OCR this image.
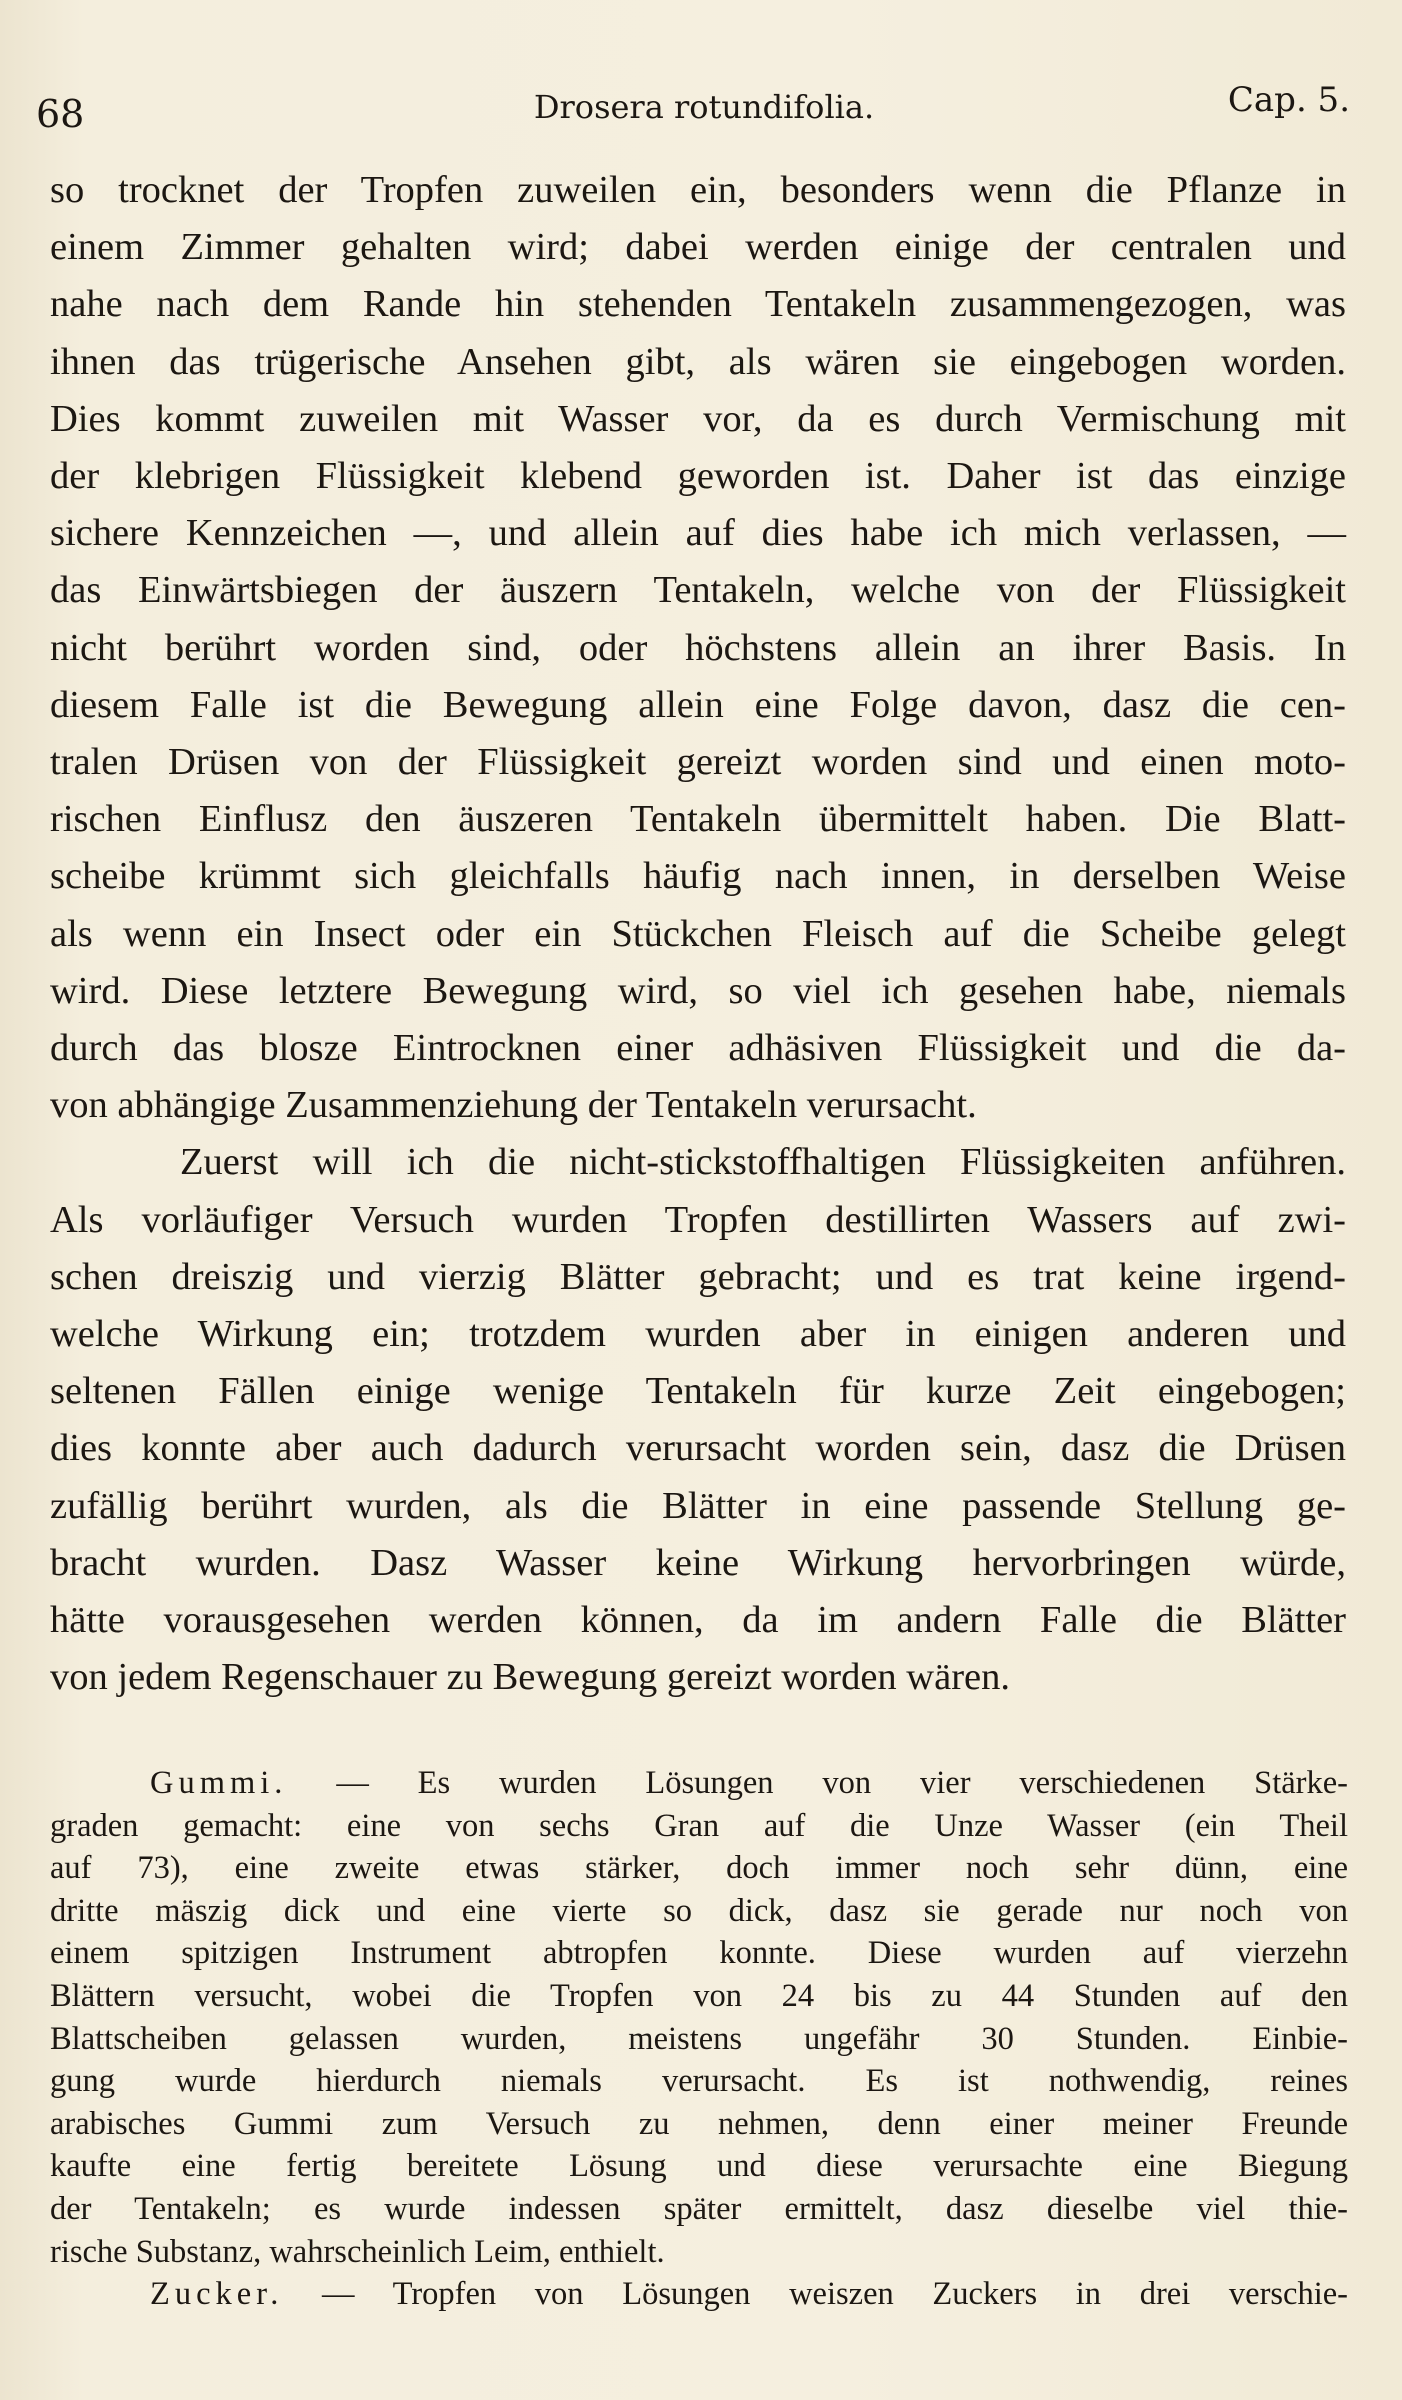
68	Drosera rotundifolia.	Cap. 5.
so trocknet der Tropfen zuweilen ein, besonders wenn die Pflanze in
einem Zimmer gehalten wird; dabei werden einige der centralen und
nahe nach dem Rande hin stehenden Tentakeln zusammengezogen, was
ihnen das trügerische Ansehen gibt, als wären sie eingebogen worden.
Dies kommt zuweilen mit Wasser vor, da es durch Vermischung mit
der klebrigen Flüssigkeit klebend geworden ist. Daher ist das einzige
sichere Kennzeichen —, und allein auf dies habe ich mich verlassen, —
das Einwärtsbiegen der äuszern Tentakeln, welche von der Flüssigkeit
nicht berührt worden sind, oder höchstens allein an ihrer Basis. In
diesem Falle ist die Bewegung allein eine Folge davon, dasz die cen-
tralen Drüsen von der Flüssigkeit gereizt worden sind und einen moto-
rischen Einflusz den äuszeren Tentakeln übermittelt haben. Die Blatt-
scheibe krümmt sich gleichfalls häufig nach innen, in derselben Weise
als wenn ein Insect oder ein Stückchen Fleisch auf die Scheibe gelegt
wird. Diese letztere Bewegung wird, so viel ich gesehen habe, niemals
durch das blosze Eintrocknen einer adhäsiven Flüssigkeit und die da-
von abhängige Zusammenziehung der Tentakeln verursacht.
Zuerst will ich die nicht-stickstoffhaltigen Flüssigkeiten anführen.
Als vorläufiger Versuch wurden Tropfen destillirten Wassers auf zwi-
schen dreiszig und vierzig Blätter gebracht; und es trat keine irgend-
welche Wirkung ein; trotzdem wurden aber in einigen anderen und
seltenen Fällen einige wenige Tentakeln für kurze Zeit eingebogen;
dies konnte aber auch dadurch verursacht worden sein, dasz die Drüsen
zufällig berührt wurden, als die Blätter in eine passende Stellung ge-
bracht wurden. Dasz Wasser keine Wirkung hervorbringen würde,
hätte vorausgesehen werden können, da im andern Falle die Blätter
von jedem Regenschauer zu Bewegung gereizt worden wären.
Gummi. — Es wurden Lösungen von vier verschiedenen Stärke-
graden gemacht: eine von sechs Gran auf die Unze Wasser (ein Theil
auf 73), eine zweite etwas stärker, doch immer noch sehr dünn, eine
dritte mäszig dick und eine vierte so dick, dasz sie gerade nur noch von
einem spitzigen Instrument abtropfen konnte. Diese wurden auf vierzehn
Blättern versucht, wobei die Tropfen von 24 bis zu 44 Stunden auf den
Blattscheiben gelassen wurden, meistens ungefähr 30 Stunden. Einbie-
gung wurde hierdurch niemals verursacht. Es ist nothwendig, reines
arabisches Gummi zum Versuch zu nehmen, denn einer meiner Freunde
kaufte eine fertig bereitete Lösung und diese verursachte eine Biegung
der Tentakeln; es wurde indessen später ermittelt, dasz dieselbe viel thie-
rische Substanz, wahrscheinlich Leim, enthielt.
Zucker. — Tropfen von Lösungen weiszen Zuckers in drei verschie-
